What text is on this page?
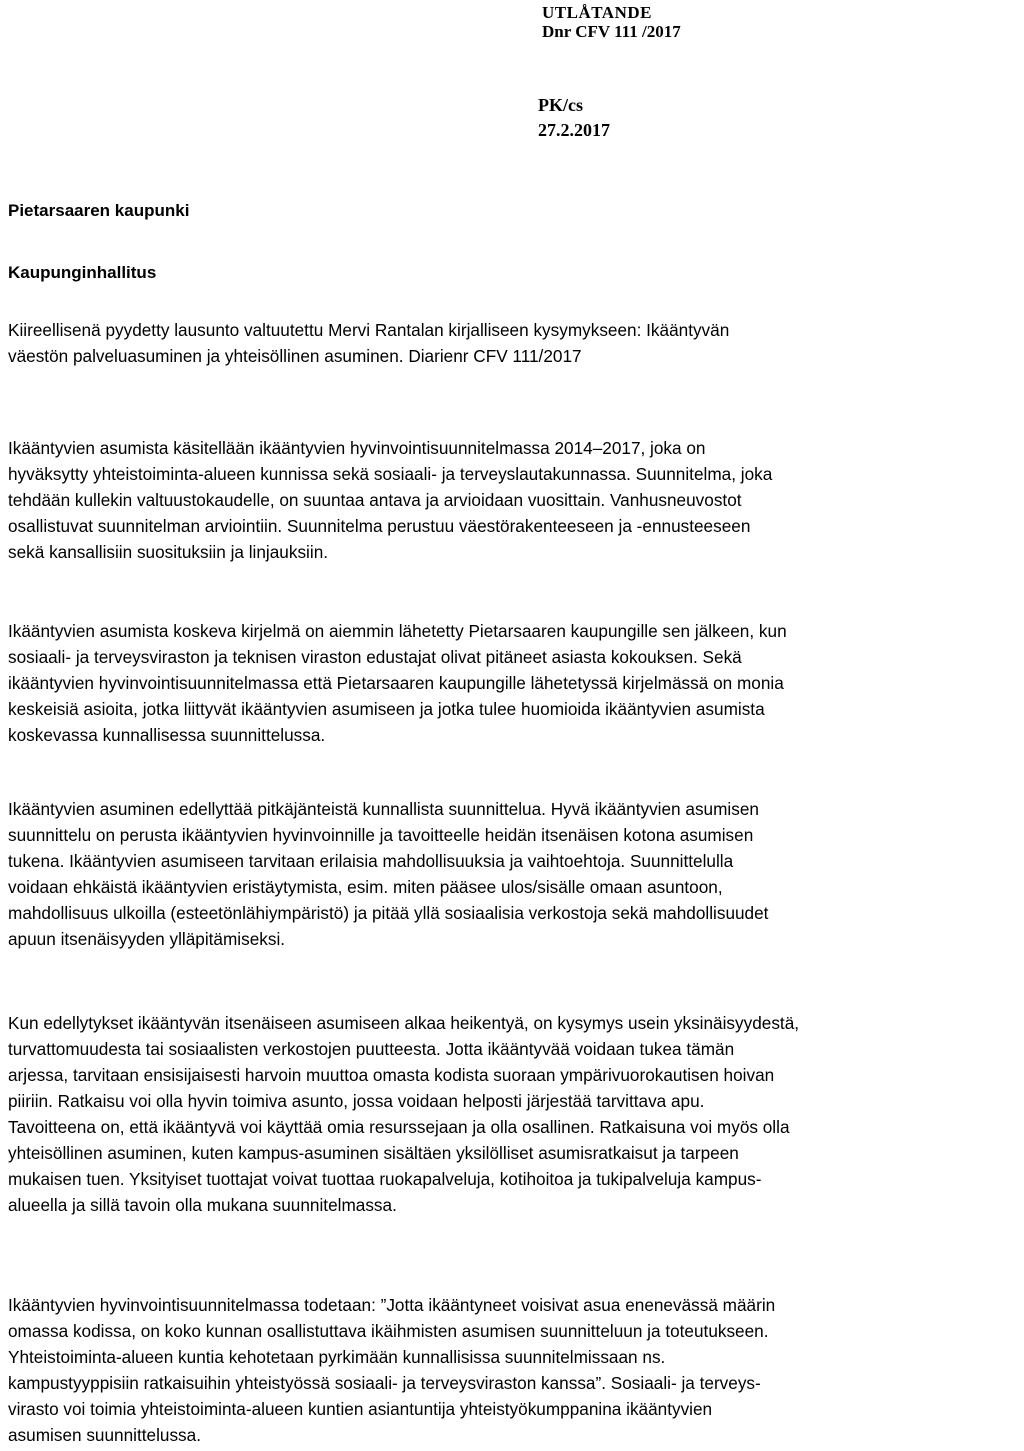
UTLÅTANDE
Dnr CFV 111 /2017
PK/cs
27.2.2017
Pietarsaaren kaupunki
Kaupunginhallitus

Kiireellisenä pyydetty lausunto valtuutettu Mervi Rantalan kirjalliseen kysymykseen: Ikääntyvän
väestön palveluasuminen ja yhteisöllinen asuminen. Diarienr CFV 111/2017

Ikääntyvien asumista käsitellään ikääntyvien hyvinvointisuunnitelmassa 2014–2017, joka on
hyväksytty yhteistoiminta-alueen kunnissa sekä sosiaali- ja terveyslautakunnassa. Suunnitelma, joka
tehdään kullekin valtuustokaudelle, on suuntaa antava ja arvioidaan vuosittain. Vanhusneuvostot
osallistuvat suunnitelman arviointiin. Suunnitelma perustuu väestörakenteeseen ja -ennusteeseen
sekä kansallisiin suosituksiin ja linjauksiin.

Ikääntyvien asumista koskeva kirjelmä on aiemmin lähetetty Pietarsaaren kaupungille sen jälkeen, kun
sosiaali- ja terveysviraston ja teknisen viraston edustajat olivat pitäneet asiasta kokouksen. Sekä
ikääntyvien hyvinvointisuunnitelmassa että Pietarsaaren kaupungille lähetetyssä kirjelmässä on monia
keskeisiä asioita, jotka liittyvät ikääntyvien asumiseen ja jotka tulee huomioida ikääntyvien asumista
koskevassa kunnallisessa suunnittelussa.

Ikääntyvien asuminen edellyttää pitkäjänteistä kunnallista suunnittelua. Hyvä ikääntyvien asumisen
suunnittelu on perusta ikääntyvien hyvinvoinnille ja tavoitteelle heidän itsenäisen kotona asumisen
tukena. Ikääntyvien asumiseen tarvitaan erilaisia mahdollisuuksia ja vaihtoehtoja. Suunnittelulla
voidaan ehkäistä ikääntyvien eristäytymista, esim. miten pääsee ulos/sisälle omaan asuntoon,
mahdollisuus ulkoilla (esteetönlähiympäristö) ja pitää yllä sosiaalisia verkostoja sekä mahdollisuudet
apuun itsenäisyyden ylläpitämiseksi.

Kun edellytykset ikääntyvän itsenäiseen asumiseen alkaa heikentyä, on kysymys usein yksinäisyydestä,
turvattomuudesta tai sosiaalisten verkostojen puutteesta. Jotta ikääntyvää voidaan tukea tämän
arjessa, tarvitaan ensisijaisesti harvoin muuttoa omasta kodista suoraan ympärivuorokautisen hoivan
piiriin. Ratkaisu voi olla hyvin toimiva asunto, jossa voidaan helposti järjestää tarvittava apu.
Tavoitteena on, että ikääntyvä voi käyttää omia resurssejaan ja olla osallinen. Ratkaisuna voi myös olla
yhteisöllinen asuminen, kuten kampus-asuminen sisältäen yksilölliset asumisratkaisut ja tarpeen
mukaisen tuen. Yksityiset tuottajat voivat tuottaa ruokapalveluja, kotihoitoa ja tukipalveluja kampus-
alueella ja sillä tavoin olla mukana suunnitelmassa.

Ikääntyvien hyvinvointisuunnitelmassa todetaan: ”Jotta ikääntyneet voisivat asua enenevässä määrin
omassa kodissa, on koko kunnan osallistuttava ikäihmisten asumisen suunnitteluun ja toteutukseen.
Yhteistoiminta-alueen kuntia kehotetaan pyrkimään kunnallisissa suunnitelmissaan ns.
kampustyyppisiin ratkaisuihin yhteistyössä sosiaali- ja terveysviraston kanssa”. Sosiaali- ja terveys-
virasto voi toimia yhteistoiminta-alueen kuntien asiantuntija yhteistyökumppanina ikääntyvien
asumisen suunnittelussa.
